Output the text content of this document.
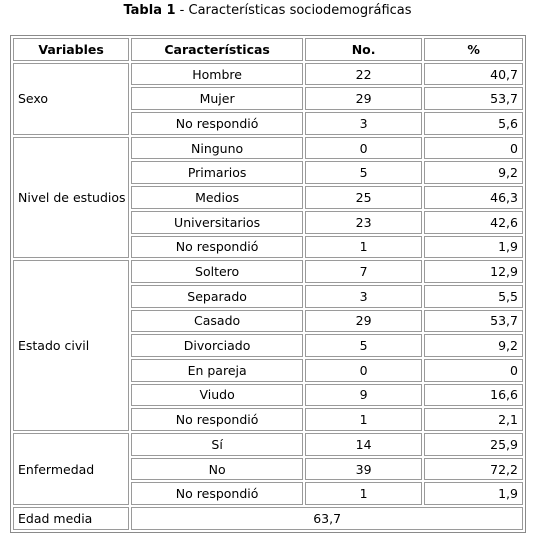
Tabla 1 - Características sociodemográficas
Variables	Características	No.	%
Sexo	Hombre	22	40,7
	Mujer	29	53,7
	No respondió	3	5,6
Nivel de estudios	Ninguno	0	0
	Primarios	5	9,2
	Medios	25	46,3
	Universitarios	23	42,6
	No respondió	1	1,9
Estado civil	Soltero	7	12,9
	Separado	3	5,5
	Casado	29	53,7
	Divorciado	5	9,2
	En pareja	0	0
	Viudo	9	16,6
	No respondió	1	2,1
Enfermedad	Sí	14	25,9
	No	39	72,2
	No respondió	1	1,9
Edad media	63,7		
